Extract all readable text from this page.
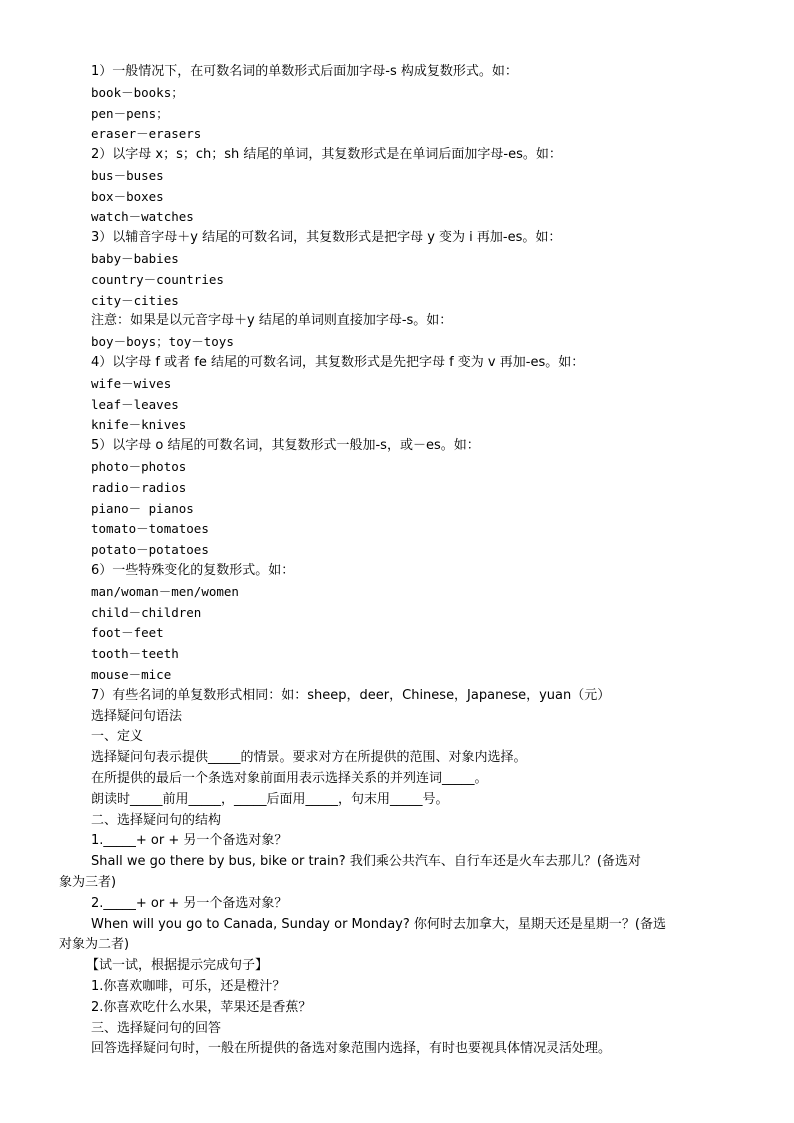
1）一般情况下，在可数名词的单数形式后面加字母-s 构成复数形式。如：
book－books；
pen－pens；
eraser－erasers
2）以字母 x；s；ch；sh 结尾的单词，其复数形式是在单词后面加字母-es。如：
bus－buses
box－boxes
watch－watches
3）以辅音字母＋y 结尾的可数名词，其复数形式是把字母 y 变为 i 再加-es。如：
baby－babies
country－countries
city－cities
注意：如果是以元音字母＋y 结尾的单词则直接加字母-s。如：
boy－boys；toy－toys
4）以字母 f 或者 fe 结尾的可数名词，其复数形式是先把字母 f 变为 v 再加-es。如：
wife－wives
leaf－leaves
knife－knives
5）以字母 o 结尾的可数名词，其复数形式一般加-s，或－es。如：
photo－photos
radio－radios
piano－ pianos
tomato－tomatoes
potato－potatoes
6）一些特殊变化的复数形式。如：
man/woman－men/women
child－children
foot－feet
tooth－teeth
mouse－mice
7）有些名词的单复数形式相同：如：sheep，deer，Chinese，Japanese，yuan（元）
选择疑问句语法
一、定义
选择疑问句表示提供_____的情景。要求对方在所提供的范围、对象内选择。
在所提供的最后一个条选对象前面用表示选择关系的并列连词_____。
朗读时_____前用_____，_____后面用_____，句末用_____号。
二、选择疑问句的结构
1._____+ or + 另一个备选对象？
Shall we go there by bus, bike or train? 我们乘公共汽车、自行车还是火车去那儿？(备选对
象为三者)
2._____+ or + 另一个备选对象？
When will you go to Canada, Sunday or Monday? 你何时去加拿大，星期天还是星期一？(备选
对象为二者)
【试一试，根据提示完成句子】
1.你喜欢咖啡，可乐，还是橙汁？
2.你喜欢吃什么水果，苹果还是香蕉？
三、选择疑问句的回答
回答选择疑问句时，一般在所提供的备选对象范围内选择，有时也要视具体情况灵活处理。
